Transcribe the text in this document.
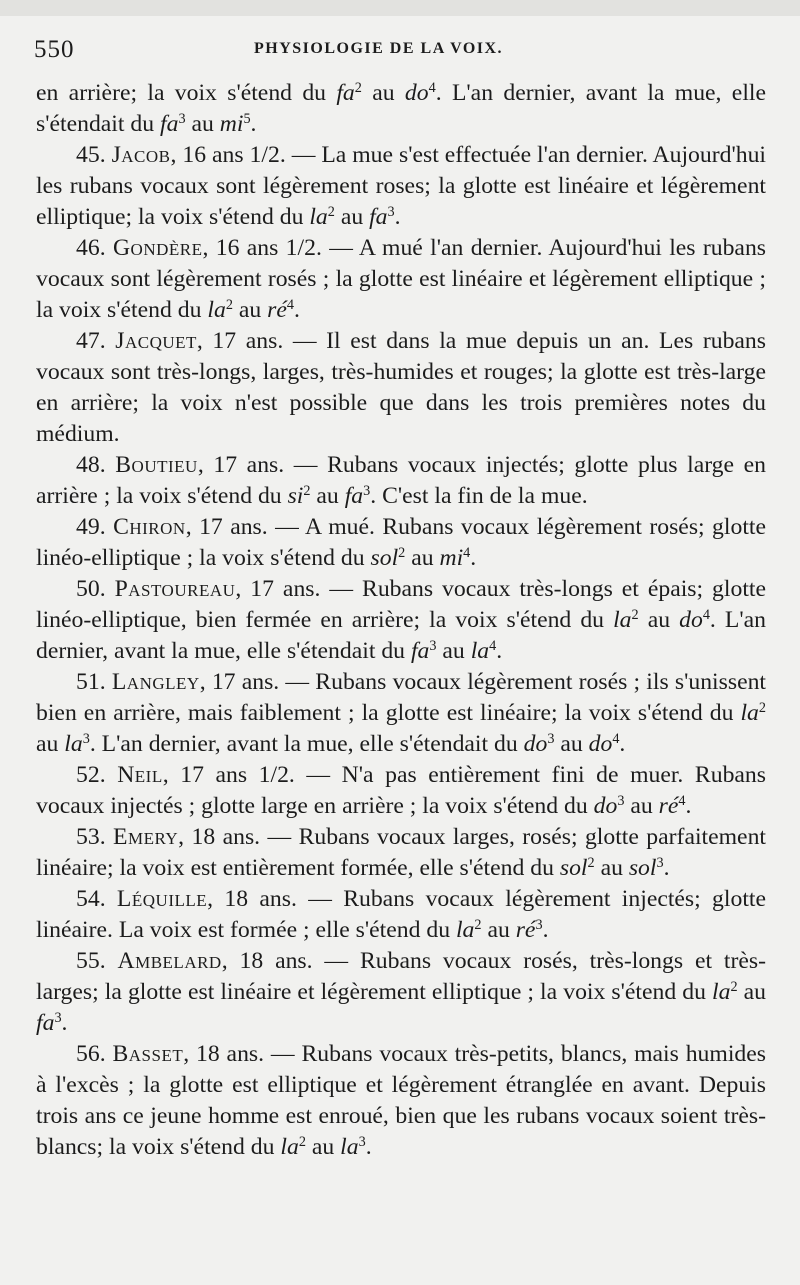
550	PHYSIOLOGIE DE LA VOIX.

en arrière; la voix s'étend du $fa^2$ au $do^4$. L'an dernier, avant la mue, elle s'étendait du $fa^3$ au $mi^5$.

45. Jacob, 16 ans 1/2. — La mue s'est effectuée l'an dernier. Aujourd'hui les rubans vocaux sont légèrement roses; la glotte est linéaire et légèrement elliptique; la voix s'étend du $la^2$ au $fa^3$.

46. Gondère, 16 ans 1/2. — A mué l'an dernier. Aujourd'hui les rubans vocaux sont légèrement rosés ; la glotte est linéaire et légèrement elliptique ; la voix s'étend du $la^2$ au $ré^4$.

47. Jacquet, 17 ans. — Il est dans la mue depuis un an. Les rubans vocaux sont très-longs, larges, très-humides et rouges; la glotte est très-large en arrière; la voix n'est possible que dans les trois premières notes du médium.

48. Boutieu, 17 ans. — Rubans vocaux injectés; glotte plus large en arrière ; la voix s'étend du $si^2$ au $fa^3$. C'est la fin de la mue.

49. Chiron, 17 ans. — A mué. Rubans vocaux légèrement rosés; glotte linéo-elliptique ; la voix s'étend du sol$^2$ au $mi^4$.

50. Pastoureau, 17 ans. — Rubans vocaux très-longs et épais; glotte linéo-elliptique, bien fermée en arrière; la voix s'étend du $la^2$ au $do^4$. L'an dernier, avant la mue, elle s'étendait du $fa^3$ au $la^4$.

51. Langley, 17 ans. — Rubans vocaux légèrement rosés ; ils s'unissent bien en arrière, mais faiblement ; la glotte est linéaire; la voix s'étend du $la^2$ au $la^3$. L'an dernier, avant la mue, elle s'étendait du $do^3$ au $do^4$.

52. Neil, 17 ans 1/2. — N'a pas entièrement fini de muer. Rubans vocaux injectés ; glotte large en arrière ; la voix s'étend du $do^3$ au $ré^4$.

53. Emery, 18 ans. — Rubans vocaux larges, rosés; glotte parfaitement linéaire; la voix est entièrement formée, elle s'étend du sol$^2$ au sol$^3$.

54. Léquille, 18 ans. — Rubans vocaux légèrement injectés; glotte linéaire. La voix est formée ; elle s'étend du $la^2$ au $ré^3$.

55. Ambelard, 18 ans. — Rubans vocaux rosés, très-longs et très-larges; la glotte est linéaire et légèrement elliptique ; la voix s'étend du $la^2$ au $fa^3$.

56. Basset, 18 ans. — Rubans vocaux très-petits, blancs, mais humides à l'excès ; la glotte est elliptique et légèrement étranglée en avant. Depuis trois ans ce jeune homme est enroué, bien que les rubans vocaux soient très-blancs; la voix s'étend du $la^2$ au $la^3$.
